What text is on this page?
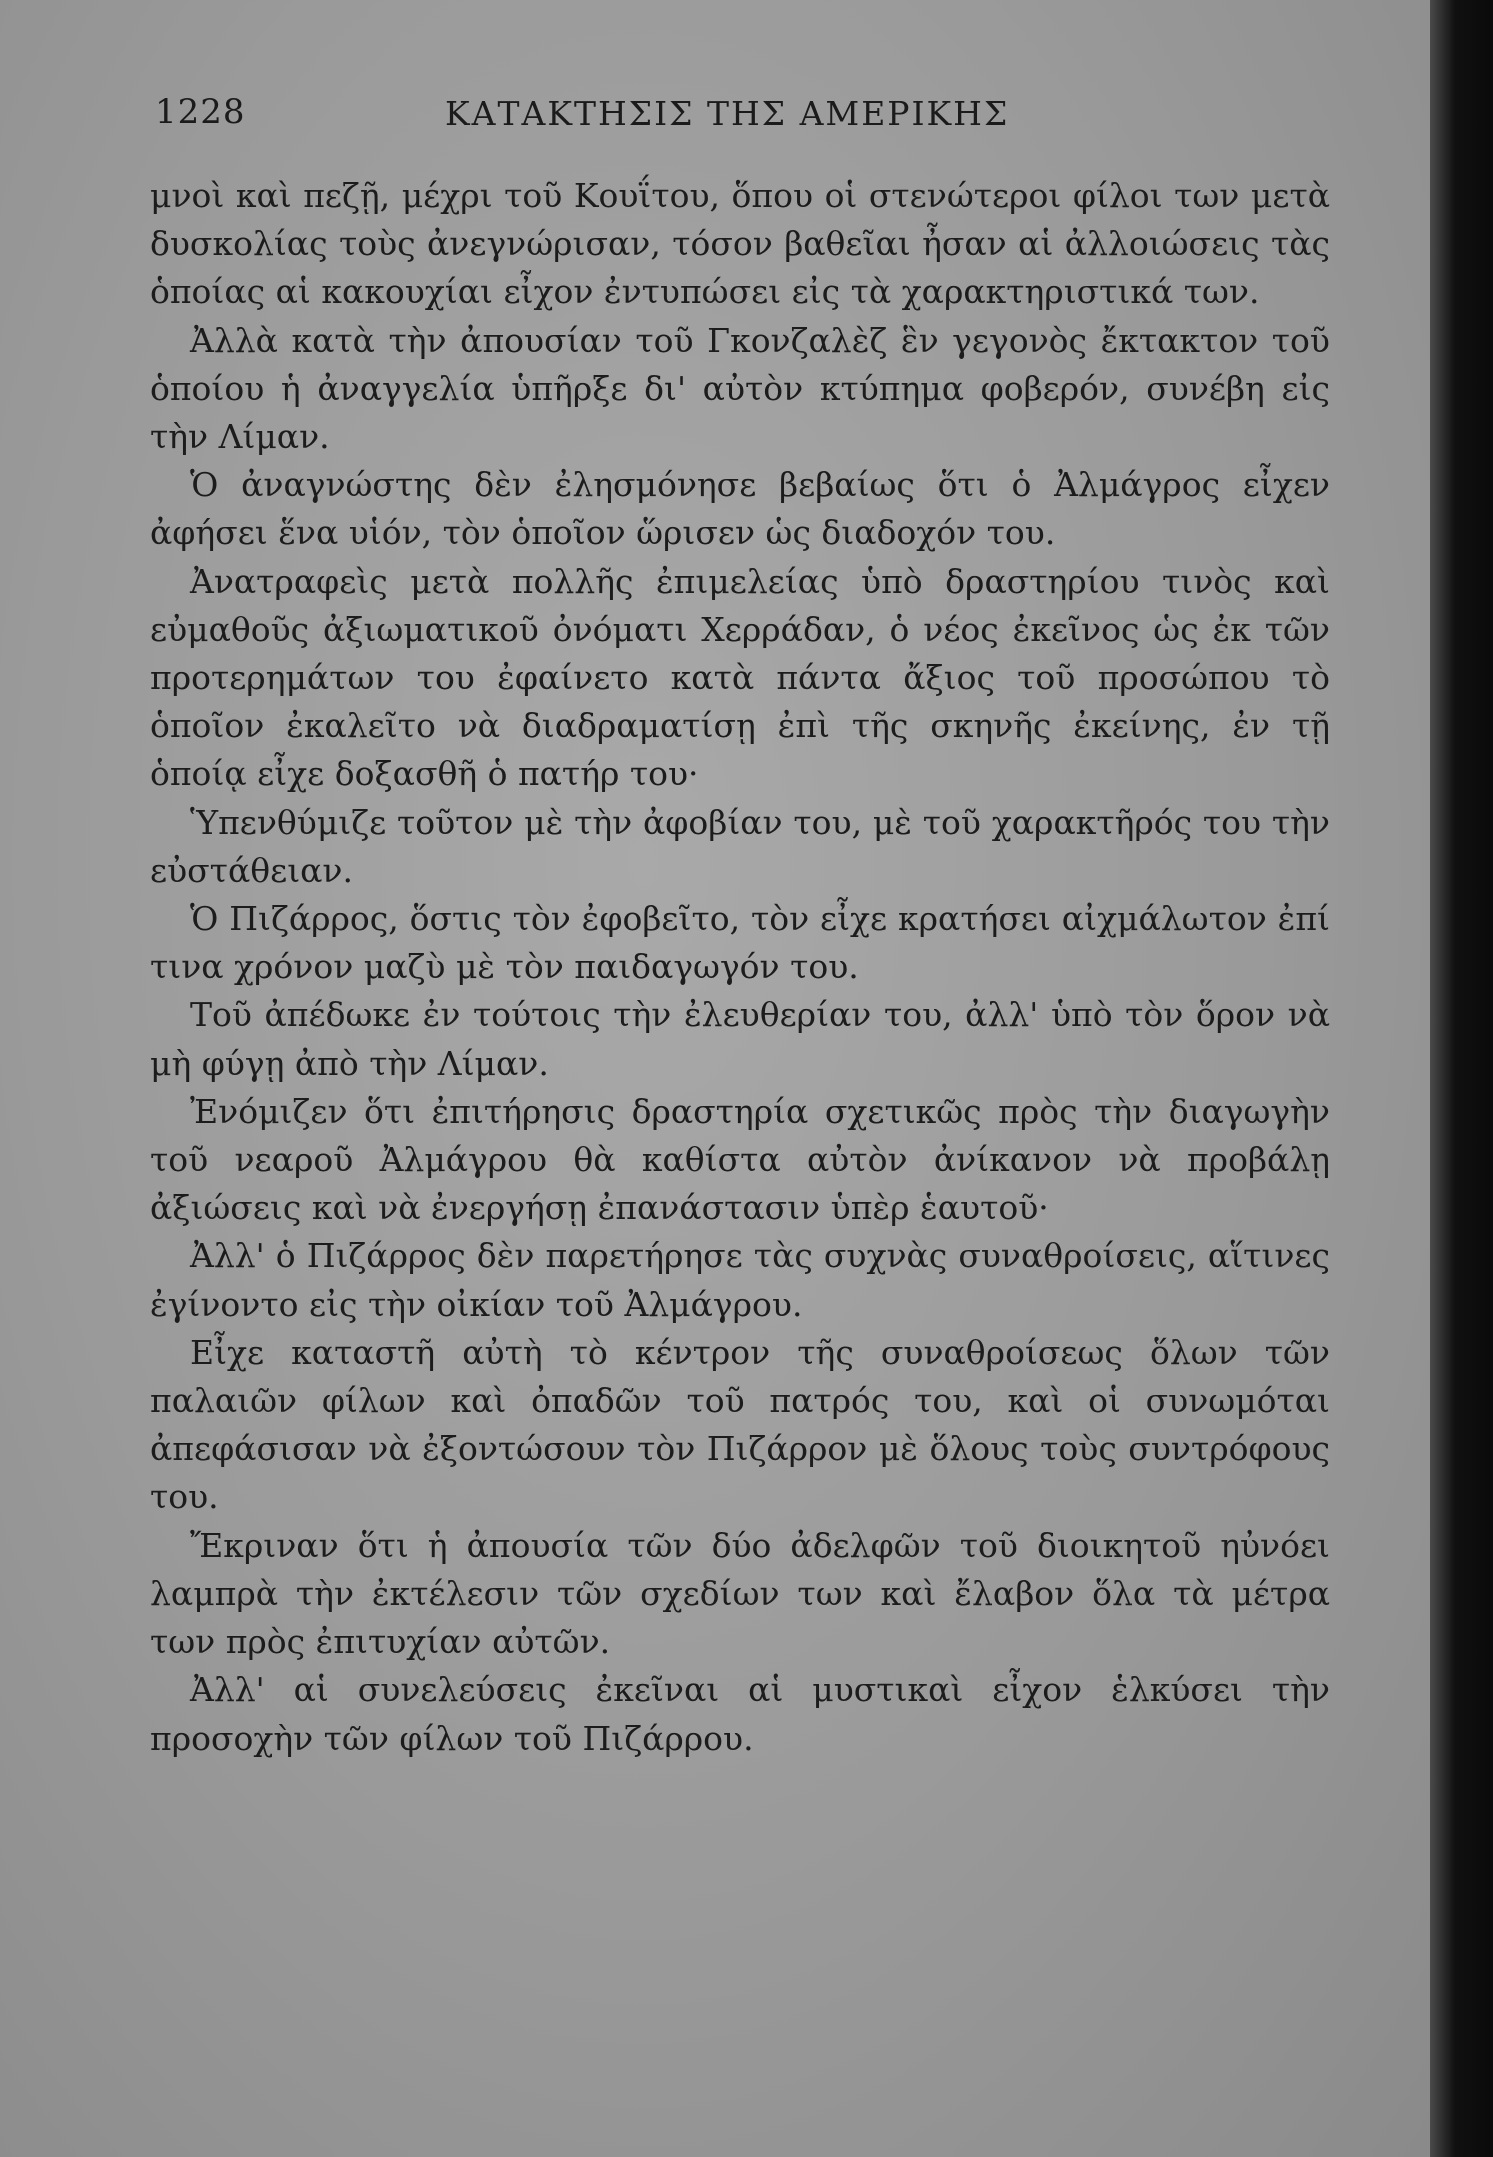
1228	ΚΑΤΑΚΤΗΣΙΣ ΤΗΣ ΑΜΕΡΙΚΗΣ

μνοὶ καὶ πεζῇ, μέχρι τοῦ Κουΐτου, ὅπου οἱ στενώτεροι φίλοι των μετὰ δυσκολίας τοὺς ἀνεγνώρισαν, τόσον βαθεῖαι ἦσαν αἱ ἀλλοιώσεις τὰς ὁποίας αἱ κακουχίαι εἶχον ἐντυπώσει εἰς τὰ χαρακτηριστικά των.

Ἀλλὰ κατὰ τὴν ἀπουσίαν τοῦ Γκονζαλὲζ ἓν γεγονὸς ἔκτακτον τοῦ ὁποίου ἡ ἀναγγελία ὑπῆρξε δι' αὐτὸν κτύπημα φοβερόν, συνέβη εἰς τὴν Λίμαν.

Ὁ ἀναγνώστης δὲν ἐλησμόνησε βεβαίως ὅτι ὁ Ἀλμάγρος εἶχεν ἀφήσει ἕνα υἱόν, τὸν ὁποῖον ὥρισεν ὡς διαδοχόν του.

Ἀνατραφεὶς μετὰ πολλῆς ἐπιμελείας ὑπὸ δραστηρίου τινὸς καὶ εὐμαθοῦς ἀξιωματικοῦ ὀνόματι Χερράδαν, ὁ νέος ἐκεῖνος ὡς ἐκ τῶν προτερημάτων του ἐφαίνετο κατὰ πάντα ἄξιος τοῦ προσώπου τὸ ὁποῖον ἐκαλεῖτο νὰ διαδραματίσῃ ἐπὶ τῆς σκηνῆς ἐκείνης, ἐν τῇ ὁποίᾳ εἶχε δοξασθῆ ὁ πατήρ του·

Ὑπενθύμιζε τοῦτον μὲ τὴν ἀφοβίαν του, μὲ τοῦ χαρακτῆρός του τὴν εὐστάθειαν.

Ὁ Πιζάρρος, ὅστις τὸν ἐφοβεῖτο, τὸν εἶχε κρατήσει αἰχμάλωτον ἐπί τινα χρόνον μαζὺ μὲ τὸν παιδαγωγόν του.

Τοῦ ἀπέδωκε ἐν τούτοις τὴν ἐλευθερίαν του, ἀλλ' ὑπὸ τὸν ὅρον νὰ μὴ φύγῃ ἀπὸ τὴν Λίμαν.

Ἐνόμιζεν ὅτι ἐπιτήρησις δραστηρία σχετικῶς πρὸς τὴν διαγωγὴν τοῦ νεαροῦ Ἀλμάγρου θὰ καθίστα αὐτὸν ἀνίκανον νὰ προβάλῃ ἀξιώσεις καὶ νὰ ἐνεργήσῃ ἐπανάστασιν ὑπὲρ ἑαυτοῦ·

Ἀλλ' ὁ Πιζάρρος δὲν παρετήρησε τὰς συχνὰς συναθροίσεις, αἵτινες ἐγίνοντο εἰς τὴν οἰκίαν τοῦ Ἀλμάγρου.

Εἶχε καταστῆ αὐτὴ τὸ κέντρον τῆς συναθροίσεως ὅλων τῶν παλαιῶν φίλων καὶ ὀπαδῶν τοῦ πατρός του, καὶ οἱ συνωμόται ἀπεφάσισαν νὰ ἐξοντώσουν τὸν Πιζάρρον μὲ ὅλους τοὺς συντρόφους του.

Ἔκριναν ὅτι ἡ ἀπουσία τῶν δύο ἀδελφῶν τοῦ διοικητοῦ ηὐνόει λαμπρὰ τὴν ἐκτέλεσιν τῶν σχεδίων των καὶ ἔλαβον ὅλα τὰ μέτρα των πρὸς ἐπιτυχίαν αὐτῶν.

Ἀλλ' αἱ συνελεύσεις ἐκεῖναι αἱ μυστικαὶ εἶχον ἑλκύσει τὴν προσοχὴν τῶν φίλων τοῦ Πιζάρρου.
